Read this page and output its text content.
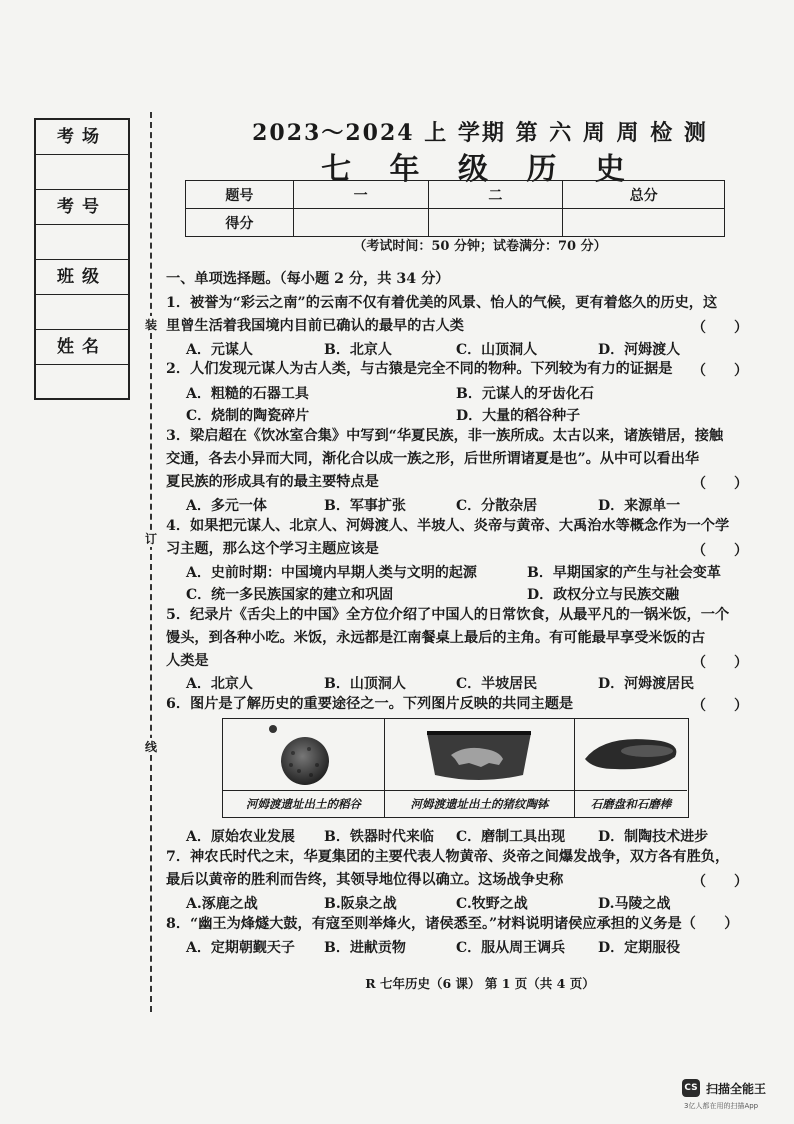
考场
考号
班级
姓名
装
订
线
2023～2024 上 学期 第 六 周 周 检 测
七 年 级 历 史
题号	一	二	总分
得分			
（考试时间：50 分钟；试卷满分：70 分）
一、单项选择题。（每小题 2 分，共 34 分）
1．被誉为“彩云之南”的云南不仅有着优美的风景、怡人的气候，更有着悠久的历史，这
里曾生活着我国境内目前已确认的最早的古人类	（　　）
A．元谋人	B．北京人	C．山顶洞人	D．河姆渡人
2．人们发现元谋人为古人类，与古猿是完全不同的物种。下列较为有力的证据是 （　　）
A．粗糙的石器工具	B．元谋人的牙齿化石
C．烧制的陶瓷碎片	D．大量的稻谷种子
3．梁启超在《饮冰室合集》中写到“华夏民族，非一族所成。太古以来，诸族错居，接触
交通，各去小异而大同，渐化合以成一族之形，后世所谓诸夏是也”。从中可以看出华
夏民族的形成具有的最主要特点是	（　　）
A．多元一体	B．军事扩张	C．分散杂居	D．来源单一
4．如果把元谋人、北京人、河姆渡人、半坡人、炎帝与黄帝、大禹治水等概念作为一个学
习主题，那么这个学习主题应该是	（　　）
A．史前时期：中国境内早期人类与文明的起源	B．早期国家的产生与社会变革
C．统一多民族国家的建立和巩固	D．政权分立与民族交融
5．纪录片《舌尖上的中国》全方位介绍了中国人的日常饮食，从最平凡的一锅米饭，一个
馒头，到各种小吃。米饭，永远都是江南餐桌上最后的主角。有可能最早享受米饭的古
人类是	（　　）
A．北京人	B．山顶洞人	C．半坡居民	D．河姆渡居民
6．图片是了解历史的重要途径之一。下列图片反映的共同主题是	（　　）
河姆渡遗址出土的稻谷	河姆渡遗址出土的猪纹陶钵	石磨盘和石磨棒
A．原始农业发展 B．铁器时代来临 C．磨制工具出现 D．制陶技术进步
7．神农氏时代之末，华夏集团的主要代表人物黄帝、炎帝之间爆发战争，双方各有胜负，
最后以黄帝的胜利而告终，其领导地位得以确立。这场战争史称	（　　）
A.涿鹿之战	B.阪泉之战	C.牧野之战	D.马陵之战
8．“幽王为烽燧大鼓，有寇至则举烽火，诸侯悉至。”材料说明诸侯应承担的义务是（　　）
A．定期朝觐天子 B．进献贡物	C．服从周王调兵 D．定期服役
R 七年历史（6 课） 第 1 页（共 4 页）
CS 扫描全能王
3亿人都在用的扫描App
